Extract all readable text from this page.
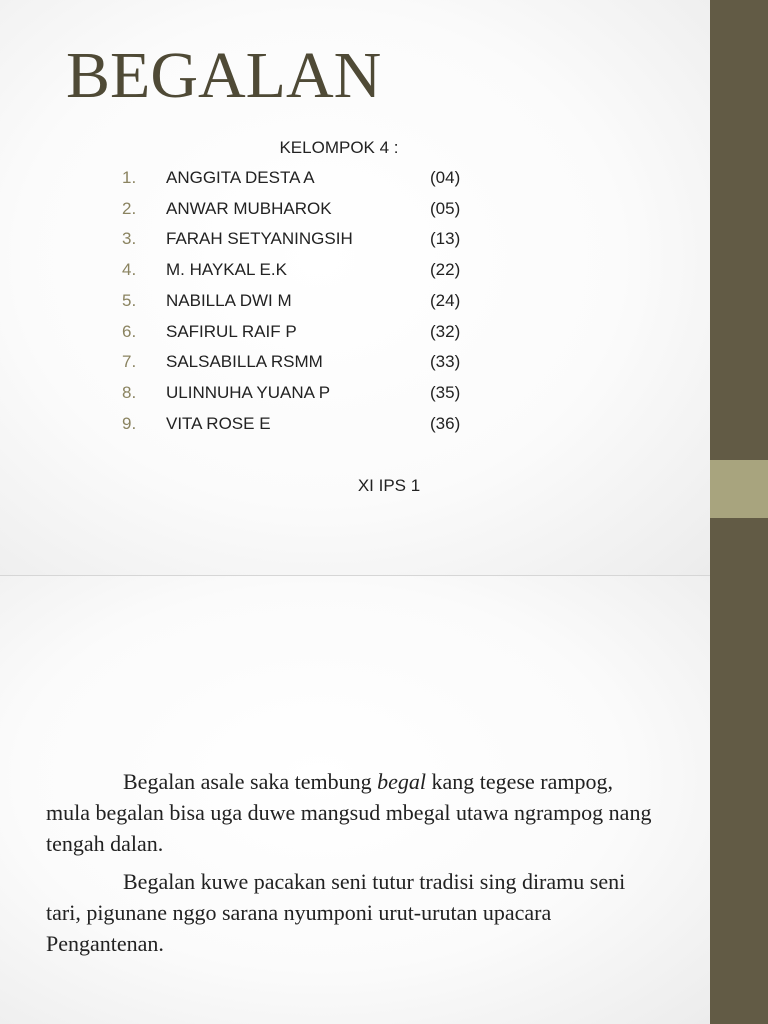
BEGALAN
KELOMPOK 4 :
1. ANGGITA DESTA A	(04)
2. ANWAR MUBHAROK	(05)
3. FARAH SETYANINGSIH	(13)
4. M. HAYKAL E.K	(22)
5. NABILLA DWI M	(24)
6. SAFIRUL RAIF P	(32)
7. SALSABILLA RSMM	(33)
8. ULINNUHA YUANA P	(35)
9. VITA ROSE E	(36)
XI IPS 1

Begalan asale saka tembung begal kang tegese rampog, mula begalan bisa uga duwe mangsud mbegal utawa ngrampog nang tengah dalan.

Begalan kuwe pacakan seni tutur tradisi sing diramu seni tari, pigunane nggo sarana nyumponi urut-urutan upacara Pengantenan.
